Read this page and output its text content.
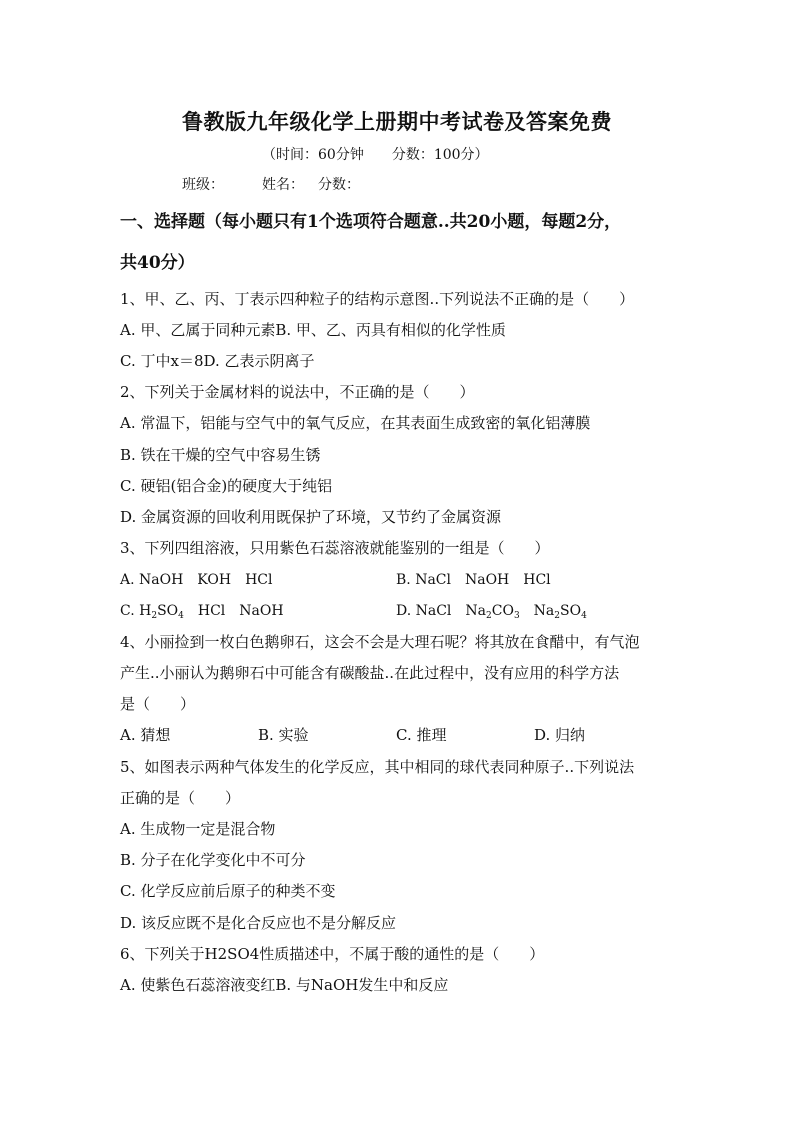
鲁教版九年级化学上册期中考试卷及答案免费
（时间：60分钟　　分数：100分）
班级：	姓名： 分数：
一、选择题（每小题只有1个选项符合题意..共20小题，每题2分，
共40分）
1、甲、乙、丙、丁表示四种粒子的结构示意图..下列说法不正确的是（　　）
A. 甲、乙属于同种元素B. 甲、乙、丙具有相似的化学性质
C. 丁中x＝8D. 乙表示阴离子
2、下列关于金属材料的说法中，不正确的是（　　）
A. 常温下，铝能与空气中的氧气反应，在其表面生成致密的氧化铝薄膜
B. 铁在干燥的空气中容易生锈
C. 硬铝(铝合金)的硬度大于纯铝
D. 金属资源的回收利用既保护了环境，又节约了金属资源
3、下列四组溶液，只用紫色石蕊溶液就能鉴别的一组是（　　）
A. NaOH　KOH　HCl	B. NaCl　NaOH　HCl
C. $H_2SO_4$　HCl　NaOH	D. NaCl　$Na_2CO_3$　$Na_2SO_4$
4、小丽捡到一枚白色鹅卵石，这会不会是大理石呢？将其放在食醋中，有气泡
产生..小丽认为鹅卵石中可能含有碳酸盐..在此过程中，没有应用的科学方法
是（　　）
A. 猜想	B. 实验	C. 推理	D. 归纳
5、如图表示两种气体发生的化学反应，其中相同的球代表同种原子..下列说法
正确的是（　　）
A. 生成物一定是混合物
B. 分子在化学变化中不可分
C. 化学反应前后原子的种类不变
D. 该反应既不是化合反应也不是分解反应
6、下列关于H2SO4性质描述中，不属于酸的通性的是（　　）
A. 使紫色石蕊溶液变红B. 与NaOH发生中和反应
